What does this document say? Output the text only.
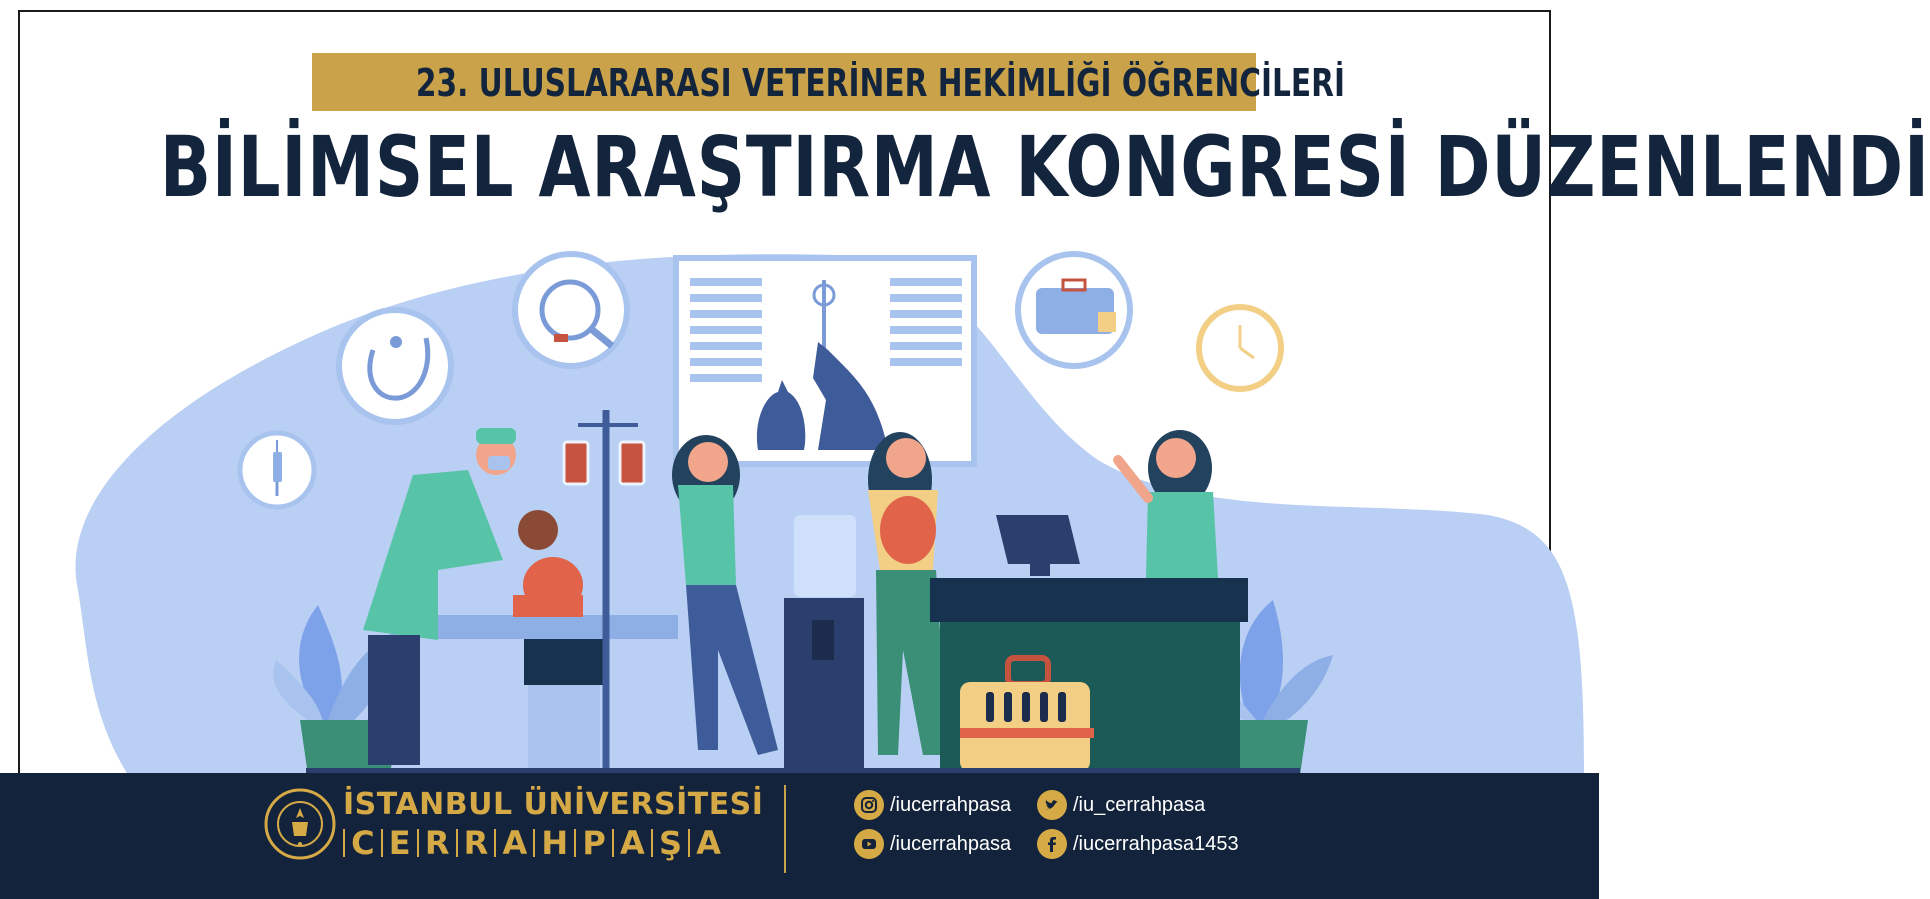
23. ULUSLARARASI VETERİNER HEKİMLİĞİ ÖĞRENCİLERİ
BİLİMSEL ARAŞTIRMA KONGRESİ DÜZENLENDİ
İSTANBUL ÜNİVERSİTESİ
C E R R A H P A Ş A
/iucerrahpasa	/iu_cerrahpasa
/iucerrahpasa	/iucerrahpasa1453
